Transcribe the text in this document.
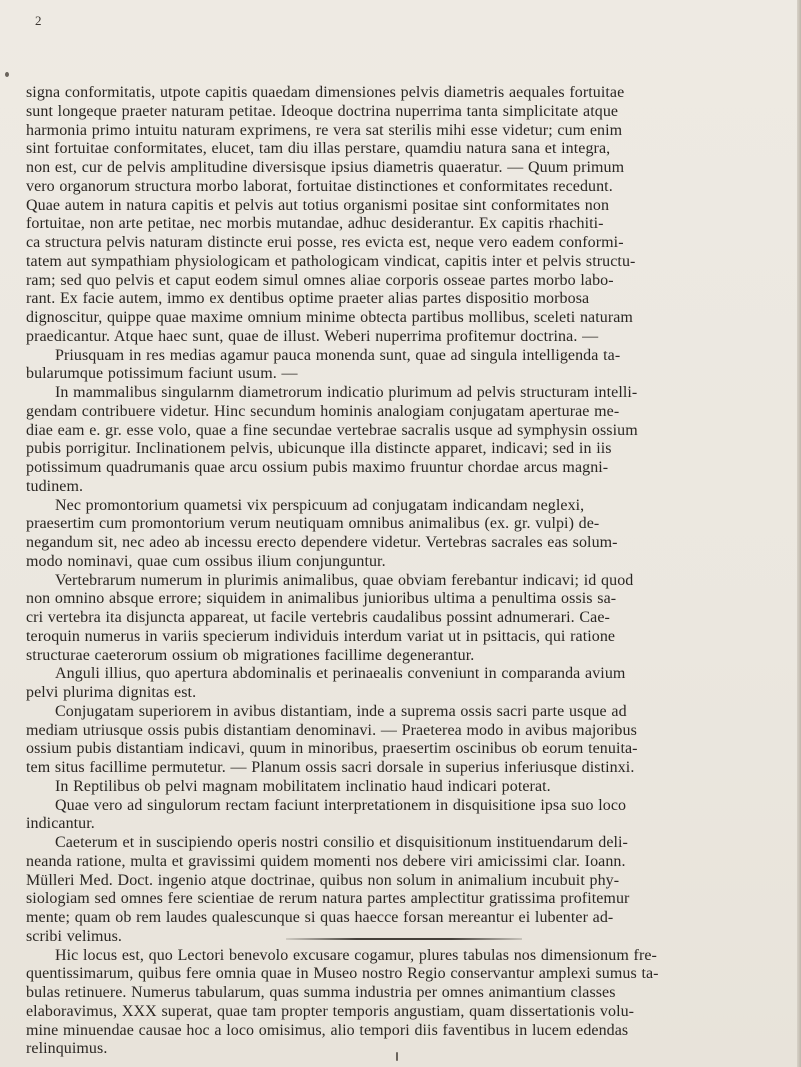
2

signa conformitatis, utpote capitis quaedam dimensiones pelvis diametris aequales fortuitae

sunt longeque praeter naturam petitae. Ideoque doctrina nuperrima tanta simplicitate atque

harmonia primo intuitu naturam exprimens, re vera sat sterilis mihi esse videtur; cum enim

sint fortuitae conformitates, elucet, tam diu illas perstare, quamdiu natura sana et integra,

non est, cur de pelvis amplitudine diversisque ipsius diametris quaeratur. — Quum primum

vero organorum structura morbo laborat, fortuitae distinctiones et conformitates recedunt.

Quae autem in natura capitis et pelvis aut totius organismi positae sint conformitates non

fortuitae, non arte petitae, nec morbis mutandae, adhuc desiderantur. Ex capitis rhachiti-

ca structura pelvis naturam distincte erui posse, res evicta est, neque vero eadem conformi-

tatem aut sympathiam physiologicam et pathologicam vindicat, capitis inter et pelvis structu-

ram; sed quo pelvis et caput eodem simul omnes aliae corporis osseae partes morbo labo-

rant. Ex facie autem, immo ex dentibus optime praeter alias partes dispositio morbosa

dignoscitur, quippe quae maxime omnium minime obtecta partibus mollibus, sceleti naturam

praedicantur. Atque haec sunt, quae de illust. Weberi nuperrima profitemur doctrina. —

Priusquam in res medias agamur pauca monenda sunt, quae ad singula intelligenda ta-

bularumque potissimum faciunt usum. —

In mammalibus singularnm diametrorum indicatio plurimum ad pelvis structuram intelli-

gendam contribuere videtur. Hinc secundum hominis analogiam conjugatam aperturae me-

diae eam e. gr. esse volo, quae a fine secundae vertebrae sacralis usque ad symphysin ossium

pubis porrigitur. Inclinationem pelvis, ubicunque illa distincte apparet, indicavi; sed in iis

potissimum quadrumanis quae arcu ossium pubis maximo fruuntur chordae arcus magni-

tudinem.

Nec promontorium quametsi vix perspicuum ad conjugatam indicandam neglexi,

praesertim cum promontorium verum neutiquam omnibus animalibus (ex. gr. vulpi) de-

negandum sit, nec adeo ab incessu erecto dependere videtur. Vertebras sacrales eas solum-

modo nominavi, quae cum ossibus ilium conjunguntur.

Vertebrarum numerum in plurimis animalibus, quae obviam ferebantur indicavi; id quod

non omnino absque errore; siquidem in animalibus junioribus ultima a penultima ossis sa-

cri vertebra ita disjuncta appareat, ut facile vertebris caudalibus possint adnumerari. Cae-

teroquin numerus in variis specierum individuis interdum variat ut in psittacis, qui ratione

structurae caeterorum ossium ob migrationes facillime degenerantur.

Anguli illius, quo apertura abdominalis et perinaealis conveniunt in comparanda avium

pelvi plurima dignitas est.

Conjugatam superiorem in avibus distantiam, inde a suprema ossis sacri parte usque ad

mediam utriusque ossis pubis distantiam denominavi. — Praeterea modo in avibus majoribus

ossium pubis distantiam indicavi, quum in minoribus, praesertim oscinibus ob eorum tenuita-

tem situs facillime permutetur. — Planum ossis sacri dorsale in superius inferiusque distinxi.

In Reptilibus ob pelvi magnam mobilitatem inclinatio haud indicari poterat.

Quae vero ad singulorum rectam faciunt interpretationem in disquisitione ipsa suo loco

indicantur.

Caeterum et in suscipiendo operis nostri consilio et disquisitionum instituendarum deli-

neanda ratione, multa et gravissimi quidem momenti nos debere viri amicissimi clar. Ioann.

Mülleri Med. Doct. ingenio atque doctrinae, quibus non solum in animalium incubuit phy-

siologiam sed omnes fere scientiae de rerum natura partes amplectitur gratissima profitemur

mente; quam ob rem laudes qualescunque si quas haecce forsan mereantur ei lubenter ad-

scribi velimus.

Hic locus est, quo Lectori benevolo excusare cogamur, plures tabulas nos dimensionum fre-

quentissimarum, quibus fere omnia quae in Museo nostro Regio conservantur amplexi sumus ta-

bulas retinuere. Numerus tabularum, quas summa industria per omnes animantium classes

elaboravimus, XXX superat, quae tam propter temporis angustiam, quam dissertationis volu-

mine minuendae causae hoc a loco omisimus, alio tempori diis faventibus in lucem edendas

relinquimus.
